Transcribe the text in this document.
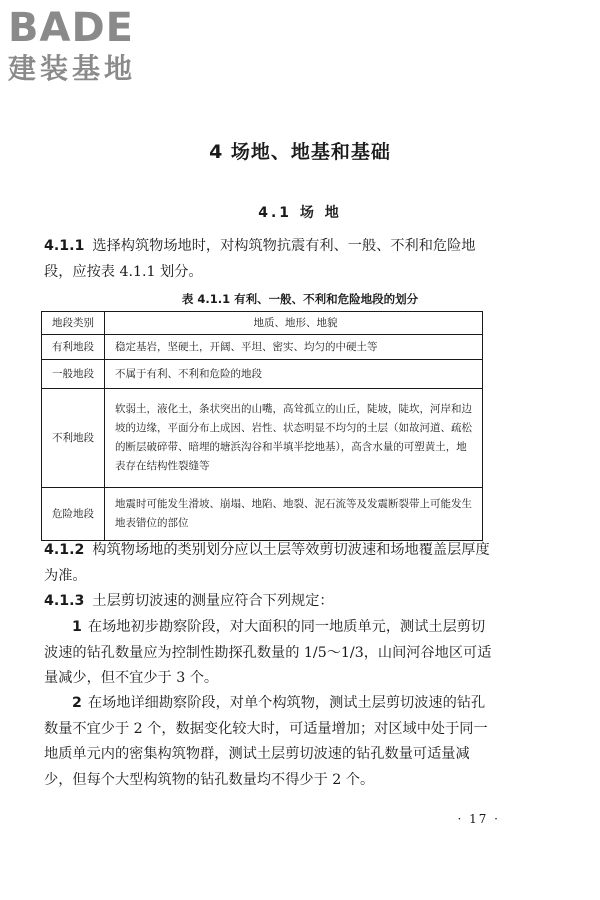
BADE
建装基地
4 场地、地基和基础
4.1 场 地
4.1.1 选择构筑物场地时，对构筑物抗震有利、一般、不利和危险地段，应按表 4.1.1 划分。
表 4.1.1 有利、一般、不利和危险地段的划分
地段类别	地质、地形、地貌
有利地段	稳定基岩，坚硬土，开阔、平坦、密实、均匀的中硬土等
一般地段	不属于有利、不利和危险的地段
不利地段	软弱土，液化土，条状突出的山嘴，高耸孤立的山丘，陡坡，陡坎，河岸和边坡的边缘，平面分布上成因、岩性、状态明显不均匀的土层（如故河道、疏松的断层破碎带、暗埋的塘浜沟谷和半填半挖地基），高含水量的可塑黄土，地表存在结构性裂缝等
危险地段	地震时可能发生滑坡、崩塌、地陷、地裂、泥石流等及发震断裂带上可能发生地表错位的部位
4.1.2 构筑物场地的类别划分应以土层等效剪切波速和场地覆盖层厚度为准。
4.1.3 土层剪切波速的测量应符合下列规定：
1 在场地初步勘察阶段，对大面积的同一地质单元，测试土层剪切波速的钻孔数量应为控制性勘探孔数量的 1/5～1/3，山间河谷地区可适量减少，但不宜少于 3 个。
2 在场地详细勘察阶段，对单个构筑物，测试土层剪切波速的钻孔数量不宜少于 2 个，数据变化较大时，可适量增加；对区域中处于同一地质单元内的密集构筑物群，测试土层剪切波速的钻孔数量可适量减少，但每个大型构筑物的钻孔数量均不得少于 2 个。
· 17 ·
